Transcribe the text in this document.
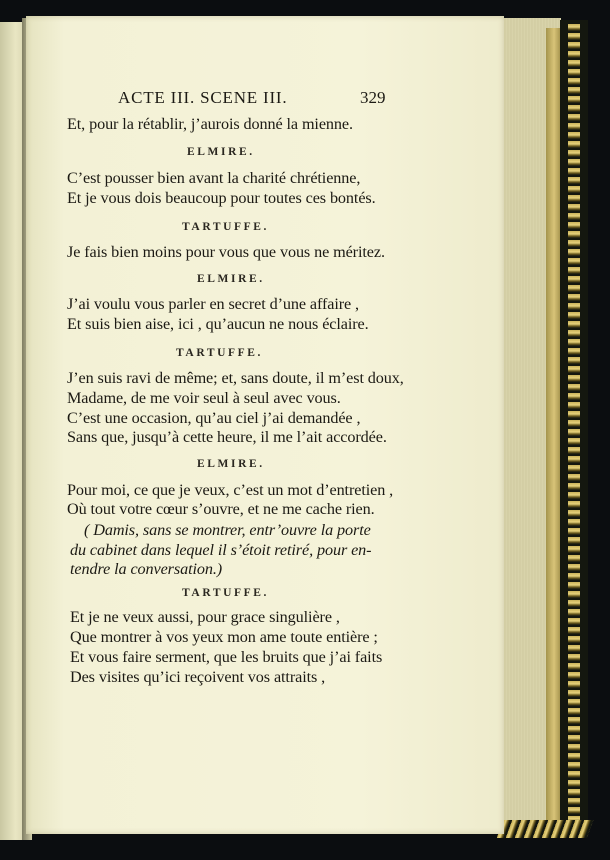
ACTE III. SCENE III.	329
Et, pour la rétablir, j’aurois donné la mienne.
ELMIRE.
C’est pousser bien avant la charité chrétienne,
Et je vous dois beaucoup pour toutes ces bontés.
TARTUFFE.
Je fais bien moins pour vous que vous ne méritez.
ELMIRE.
J’ai voulu vous parler en secret d’une affaire ,
Et suis bien aise, ici , qu’aucun ne nous éclaire.
TARTUFFE.
J’en suis ravi de même; et, sans doute, il m’est doux,
Madame, de me voir seul à seul avec vous.
C’est une occasion, qu’au ciel j’ai demandée ,
Sans que, jusqu’à cette heure, il me l’ait accordée.
ELMIRE.
Pour moi, ce que je veux, c’est un mot d’entretien ,
Où tout votre cœur s’ouvre, et ne me cache rien.
( Damis, sans se montrer, entr’ouvre la porte
du cabinet dans lequel il s’étoit retiré, pour en-
tendre la conversation.)
TARTUFFE.
Et je ne veux aussi, pour grace singulière ,
Que montrer à vos yeux mon ame toute entière ;
Et vous faire serment, que les bruits que j’ai faits
Des visites qu’ici reçoivent vos attraits ,
